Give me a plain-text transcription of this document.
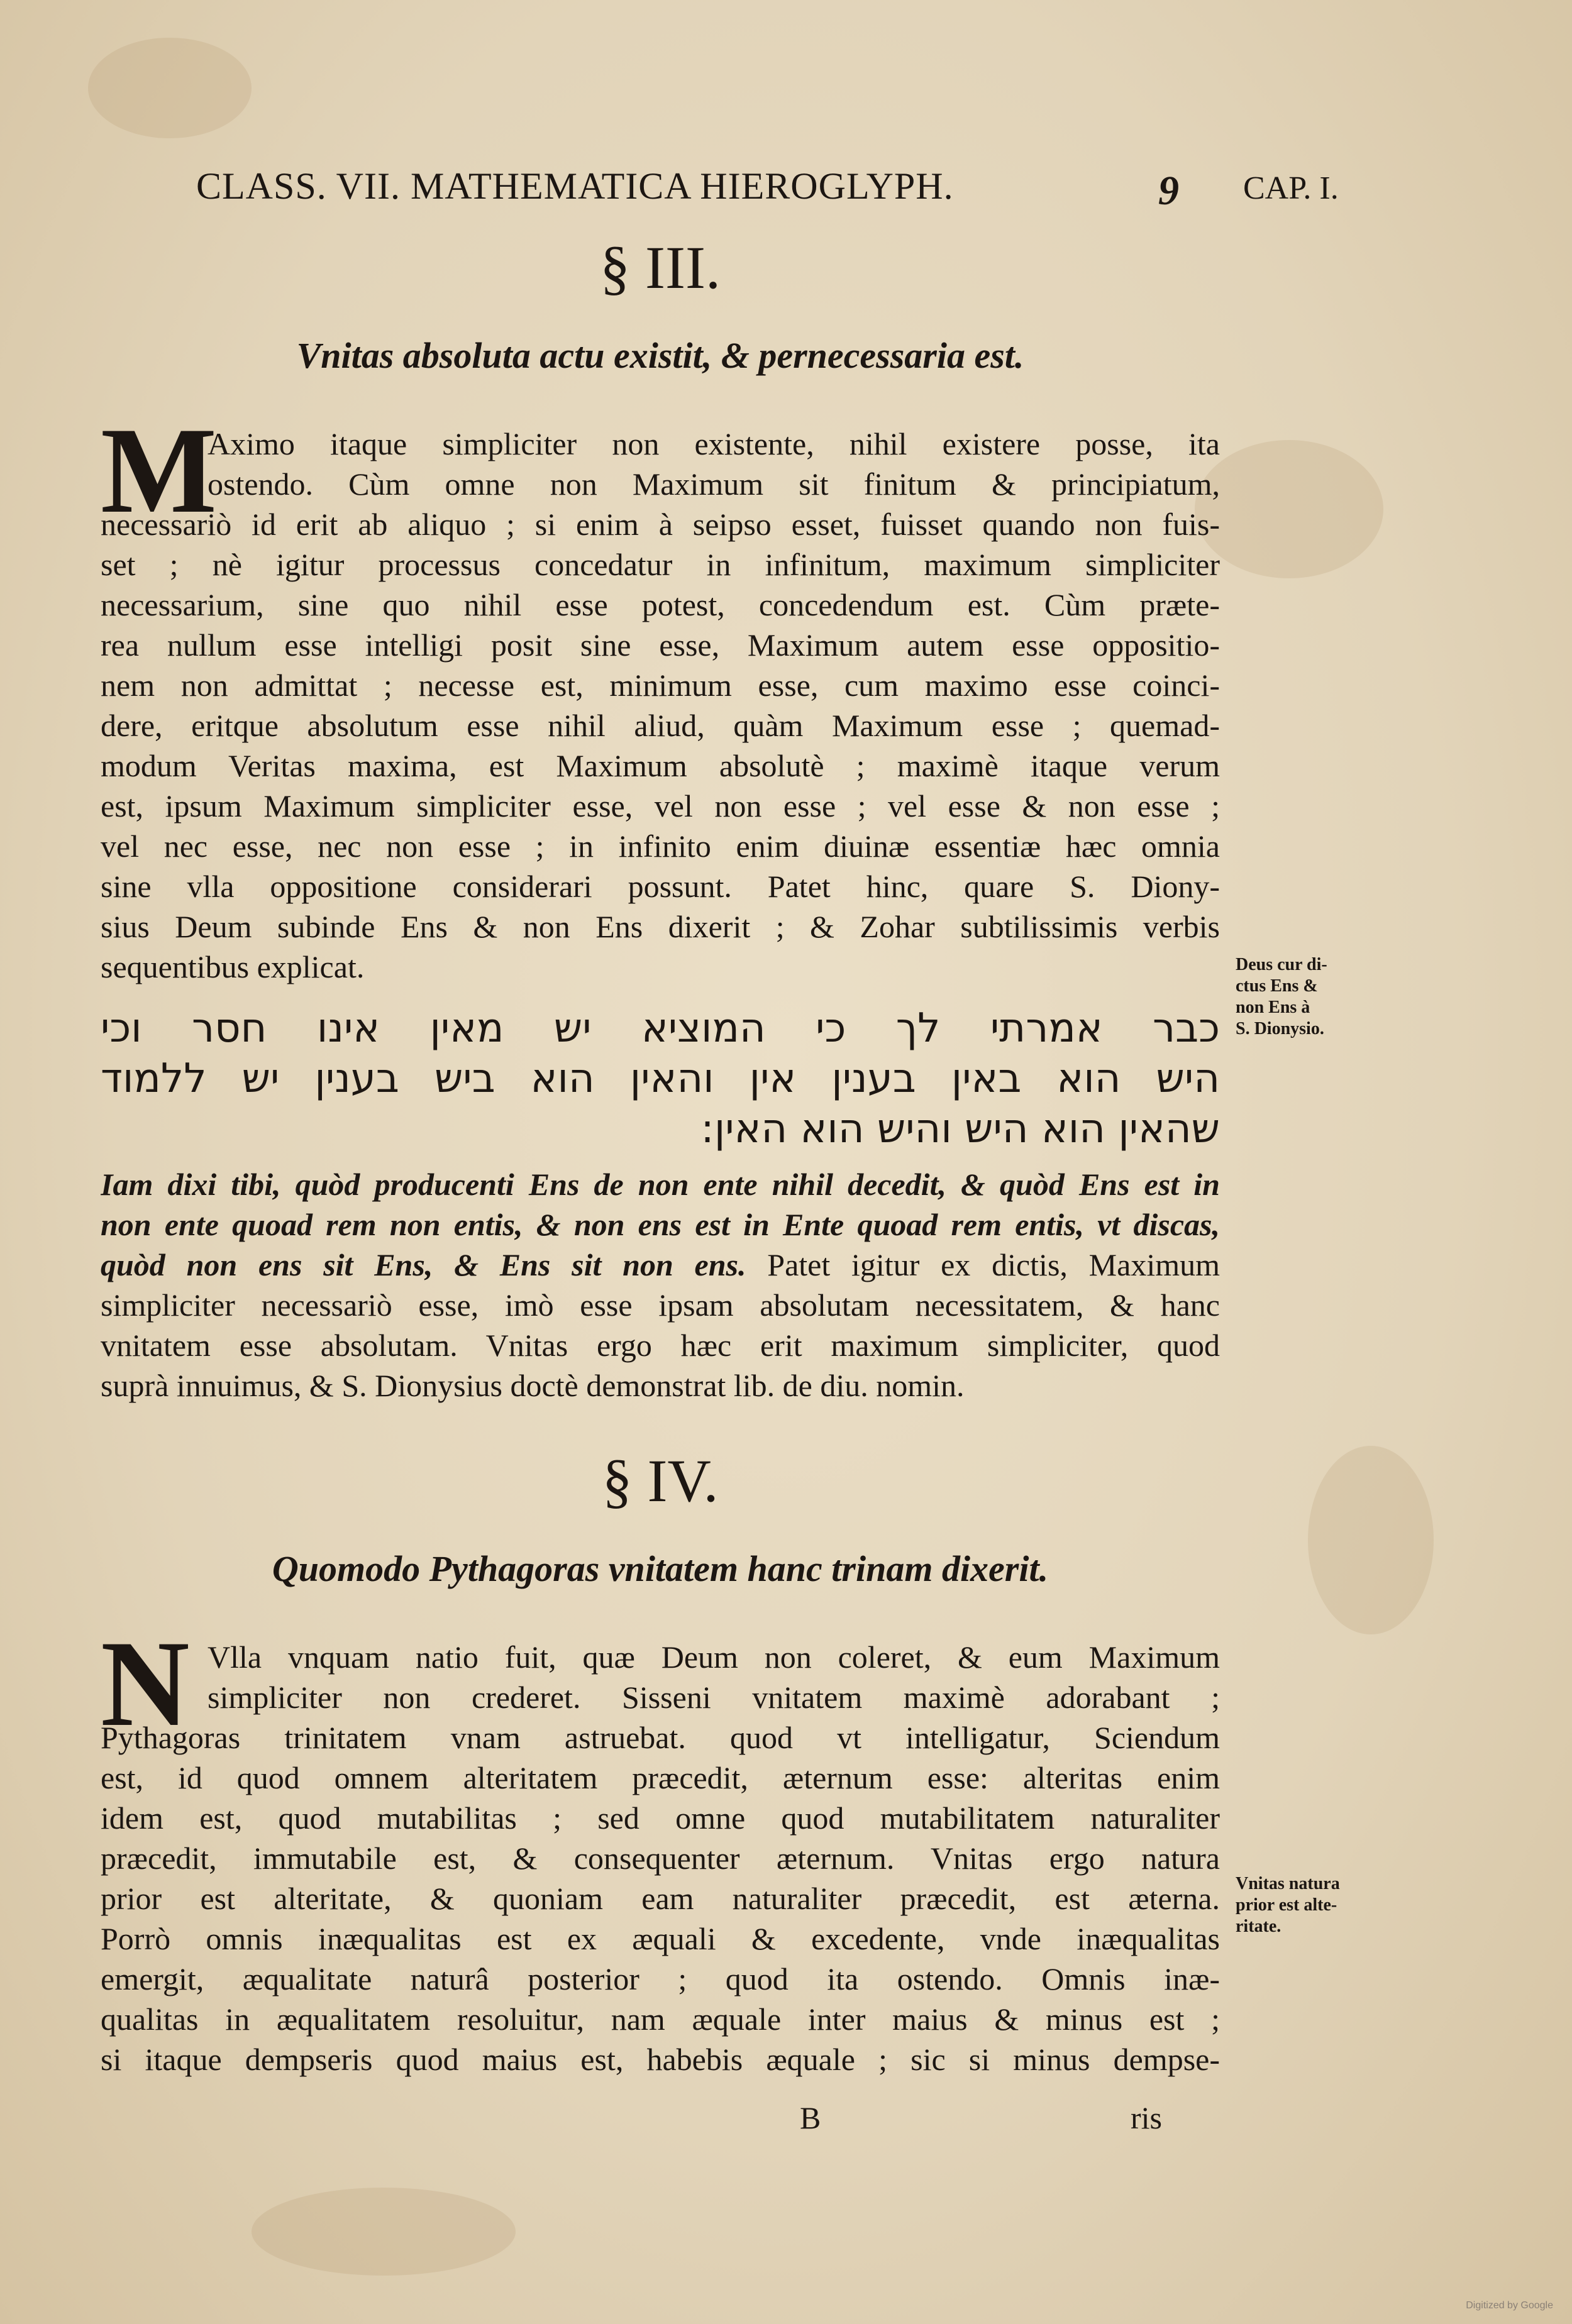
CLASS. VII. MATHEMATICA HIEROGLYPH.	9 CAP. I.
§ III.
Vnitas absoluta actu existit, & pernecessaria est.
M
Aximo itaque simpliciter non existente, nihil existere posse, ita
ostendo. Cùm omne non Maximum sit finitum & principiatum,
necessariò id erit ab aliquo ; si enim à seipso esset, fuisset quando non fuis-
set ; nè igitur processus concedatur in infinitum, maximum simpliciter
necessarium, sine quo nihil esse potest, concedendum est. Cùm præte-
rea nullum esse intelligi posit sine esse, Maximum autem esse oppositio-
nem non admittat ; necesse est, minimum esse, cum maximo esse coinci-
dere, eritque absolutum esse nihil aliud, quàm Maximum esse ; quemad-
modum Veritas maxima, est Maximum absolutè ; maximè itaque verum
est, ipsum Maximum simpliciter esse, vel non esse ; vel esse & non esse ;
vel nec esse, nec non esse ; in infinito enim diuinæ essentiæ hæc omnia
sine vlla oppositione considerari possunt. Patet hinc, quare S. Diony-
sius Deum subinde Ens & non Ens dixerit ; & Zohar subtilissimis verbis
sequentibus explicat.
כבר אמרתי לך כי המוציא יש מאין אינו חסר וכי
היש הוא באין בענין אין והאין הוא ביש בענין יש ללמוד
שהאין הוא היש והיש הוא האין:
Iam dixi tibi, quòd producenti Ens de non ente nihil decedit, & quòd Ens est in
non ente quoad rem non entis, & non ens est in Ente quoad rem entis, vt discas,
quòd non ens sit Ens, & Ens sit non ens. Patet igitur ex dictis, Maximum
simpliciter necessariò esse, imò esse ipsam absolutam necessitatem, & hanc
vnitatem esse absolutam. Vnitas ergo hæc erit maximum simpliciter, quod
suprà innuimus, & S. Dionysius doctè demonstrat lib. de diu. nomin.
Deus cur di-
ctus Ens &
non Ens à
S. Dionysio.
§ IV.
Quomodo Pythagoras vnitatem hanc trinam dixerit.
N Vlla vnquam natio fuit, quæ Deum non coleret, & eum Maximum
simpliciter non crederet. Sisseni vnitatem maximè adorabant ;
Pythagoras trinitatem vnam astruebat. quod vt intelligatur, Sciendum
est, id quod omnem alteritatem præcedit, æternum esse: alteritas enim
idem est, quod mutabilitas ; sed omne quod mutabilitatem naturaliter
præcedit, immutabile est, & consequenter æternum. Vnitas ergo natura
prior est alteritate, & quoniam eam naturaliter præcedit, est æterna.
Porrò omnis inæqualitas est ex æquali & excedente, vnde inæqualitas
emergit, æqualitate naturâ posterior ; quod ita ostendo. Omnis inæ-
qualitas in æqualitatem resoluitur, nam æquale inter maius & minus est ;
si itaque dempseris quod maius est, habebis æquale ; sic si minus dempse-
Vnitas natura
prior est alte-
ritate.
B	ris
Digitized by Google
